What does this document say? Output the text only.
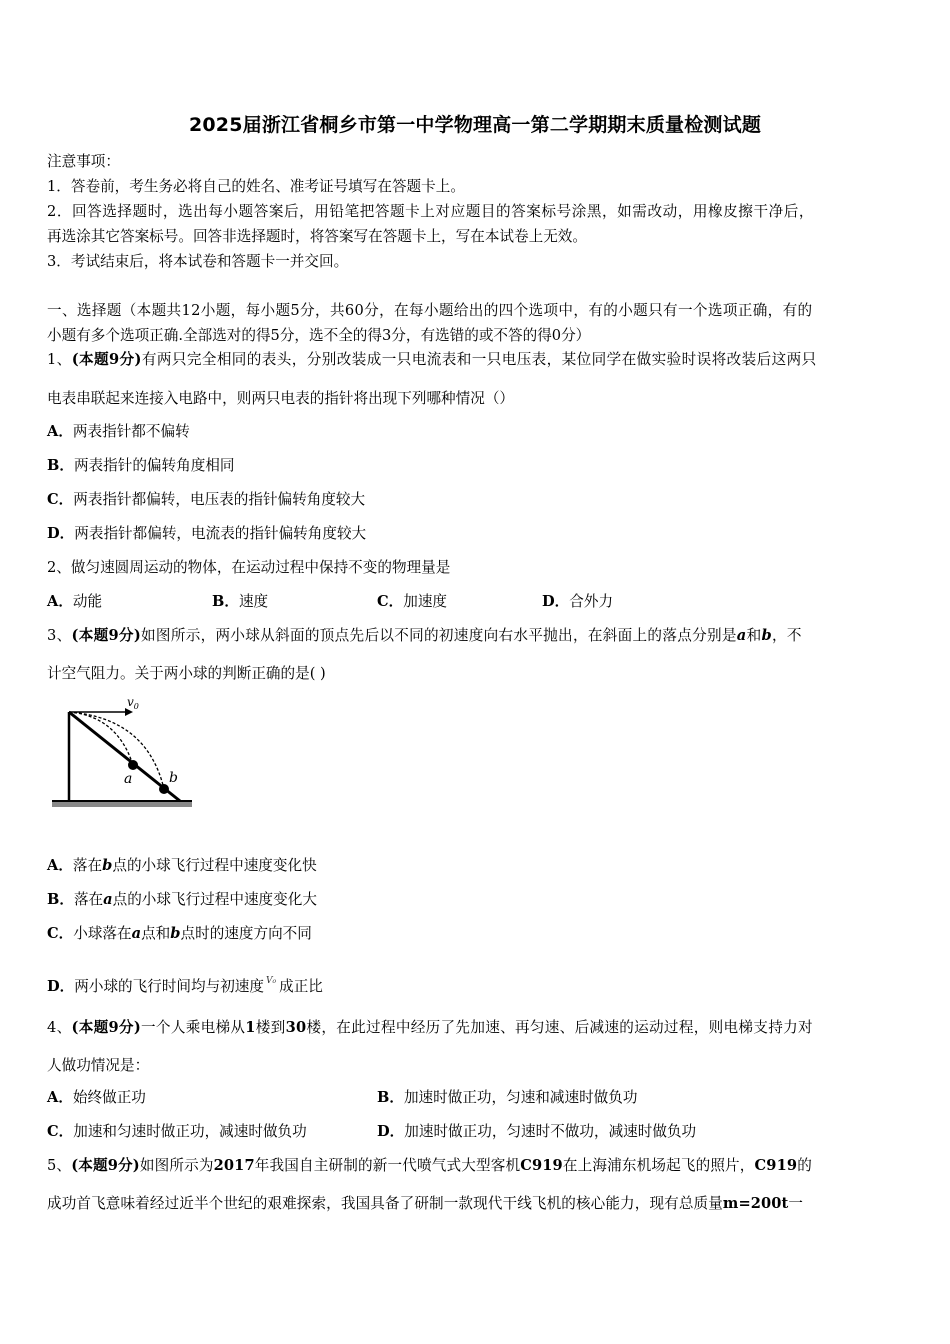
2025届浙江省桐乡市第一中学物理高一第二学期期末质量检测试题
注意事项：
1．答卷前，考生务必将自己的姓名、准考证号填写在答题卡上。
2．回答选择题时，选出每小题答案后，用铅笔把答题卡上对应题目的答案标号涂黑，如需改动，用橡皮擦干净后，
再选涂其它答案标号。回答非选择题时，将答案写在答题卡上，写在本试卷上无效。
3．考试结束后，将本试卷和答题卡一并交回。
一、选择题（本题共12小题，每小题5分，共60分，在每小题给出的四个选项中，有的小题只有一个选项正确，有的
小题有多个选项正确.全部选对的得5分，选不全的得3分，有选错的或不答的得0分）
1、(本题9分)有两只完全相同的表头，分别改装成一只电流表和一只电压表，某位同学在做实验时误将改装后这两只
电表串联起来连接入电路中，则两只电表的指针将出现下列哪种情况（）
A．两表指针都不偏转
B．两表指针的偏转角度相同
C．两表指针都偏转，电压表的指针偏转角度较大
D．两表指针都偏转，电流表的指针偏转角度较大
2、做匀速圆周运动的物体，在运动过程中保持不变的物理量是
A．动能	B．速度	C．加速度	D．合外力
3、(本题9分)如图所示，两小球从斜面的顶点先后以不同的初速度向右水平抛出，在斜面上的落点分别是a和b，不
计空气阻力。关于两小球的判断正确的是( )
$v_0$
a	b
A．落在b点的小球飞行过程中速度变化快
B．落在a点的小球飞行过程中速度变化大
C．小球落在a点和b点时的速度方向不同
D．两小球的飞行时间均与初速度 $^{V_0}$ 成正比
4、(本题9分)一个人乘电梯从1楼到30楼，在此过程中经历了先加速、再匀速、后减速的运动过程，则电梯支持力对
人做功情况是：
A．始终做正功	B．加速时做正功，匀速和减速时做负功
C．加速和匀速时做正功，减速时做负功	D．加速时做正功，匀速时不做功，减速时做负功
5、(本题9分)如图所示为2017年我国自主研制的新一代喷气式大型客机C919在上海浦东机场起飞的照片，C919的
成功首飞意味着经过近半个世纪的艰难探索，我国具备了研制一款现代干线飞机的核心能力，现有总质量m=200t一
